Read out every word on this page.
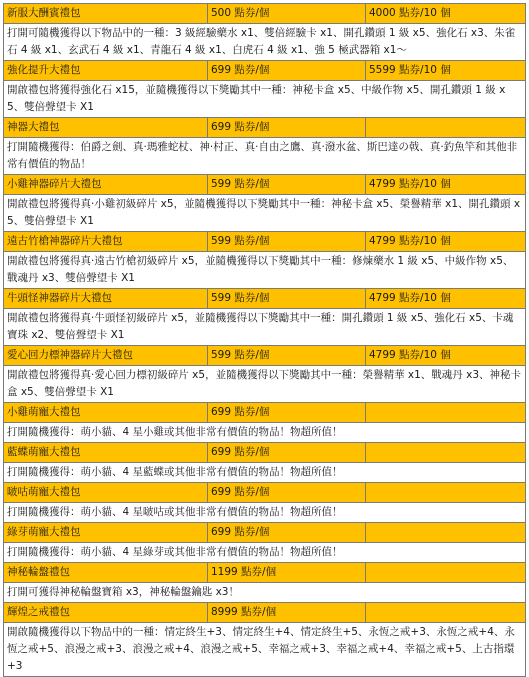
新服大酬賓禮包	500 點券/個	4000 點券/10 個
打開可隨機獲得以下物品中的一種：3 級經驗藥水 x1、雙倍經驗卡 x1、開孔鑽頭 1 級 x5、強化石 x3、朱雀石 4 級 x1、玄武石 4 級 x1、青龍石 4 級 x1、白虎石 4 級 x1、強 5 極武器箱 x1～		
強化提升大禮包	699 點券/個	5599 點券/10 個
開啟禮包將獲得強化石 x15，並隨機獲得以下獎勵其中一種：神秘卡盒 x5、中級作物 x5、開孔鑽頭 1 級 x5、雙倍聲望卡 X1		
神器大禮包	699 點券/個	
打開隨機獲得：伯爵之劍、真·瑪雅蛇杖、神·村正、真·自由之鷹、真·潑水盆、斯巴達の戟、真·釣魚竿和其他非常有價值的物品！		
小雞神器碎片大禮包	599 點券/個	4799 點券/10 個
開啟禮包將獲得真·小雞初級碎片 x5，並隨機獲得以下獎勵其中一種：神秘卡盒 x5、榮譽精華 x1、開孔鑽頭 x5、雙倍聲望卡 X1		
遠古竹槍神器碎片大禮包	599 點券/個	4799 點券/10 個
開啟禮包將獲得真·遠古竹槍初級碎片 x5，並隨機獲得以下獎勵其中一種：修煉藥水 1 級 x5、中級作物 x5、戰魂丹 x3、雙倍聲望卡 X1		
牛頭怪神器碎片大禮包	599 點券/個	4799 點券/10 個
開啟禮包將獲得真·牛頭怪初級碎片 x5，並隨機獲得以下獎勵其中一種：開孔鑽頭 1 級 x5、強化石 x5、卡魂寶珠 x2、雙倍聲望卡 X1		
愛心回力標神器碎片大禮包	599 點券/個	4799 點券/10 個
開啟禮包將獲得真·愛心回力標初級碎片 x5，並隨機獲得以下獎勵其中一種：榮譽精華 x1、戰魂丹 x3、神秘卡盒 x5、雙倍聲望卡 X1		
小雞萌寵大禮包	699 點券/個	
打開隨機獲得：萌小貓、4 星小雞或其他非常有價值的物品！物超所值！		
藍蝶萌寵大禮包	699 點券/個	
打開隨機獲得：萌小貓、4 星藍蝶或其他非常有價值的物品！物超所值！		
啵咕萌寵大禮包	699 點券/個	
打開隨機獲得：萌小貓、4 星啵咕或其他非常有價值的物品！物超所值！		
綠芽萌寵大禮包	699 點券/個	
打開隨機獲得：萌小貓、4 星綠芽或其他非常有價值的物品！物超所值！		
神秘輪盤禮包	1199 點券/個	
打開可獲得神秘輪盤寶箱 x3，神秘輪盤鑰匙 x3！		
輝煌之戒禮包	8999 點券/個	
開啟隨機獲得以下物品中的一種：情定終生+3、情定終生+4、情定終生+5、永恆之戒+3、永恆之戒+4、永恆之戒+5、浪漫之戒+3、浪漫之戒+4、浪漫之戒+5、幸福之戒+3、幸福之戒+4、幸福之戒+5、上古指環+3		
